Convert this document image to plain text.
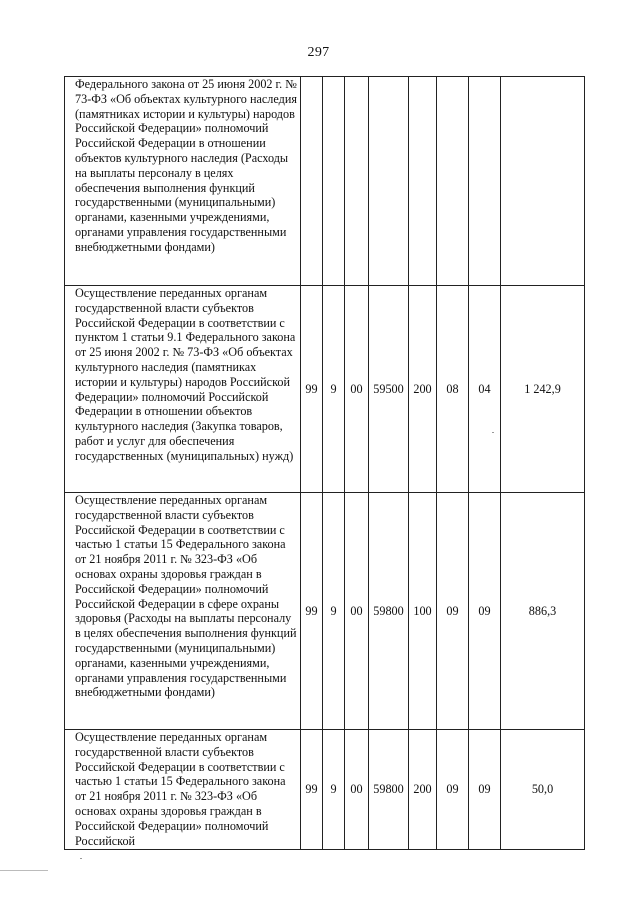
297
Федерального закона от 25 июня 2002 г. № 73-ФЗ «Об объектах культурного наследия (памятниках истории и культуры) народов Российской Федерации» полномочий Российской Федерации в отношении объектов культурного наследия (Расходы на выплаты персоналу в целях обеспечения выполнения функций государственными (муниципальными) органами, казенными учреждениями, органами управления государственными внебюджетными фондами)								
Осуществление переданных органам государственной власти субъектов Российской Федерации в соответствии с пунктом 1 статьи 9.1 Федерального закона от 25 июня 2002 г. № 73-ФЗ «Об объектах культурного наследия (памятниках истории и культуры) народов Российской Федерации» полномочий Российской Федерации в отношении объектов культурного наследия (Закупка товаров, работ и услуг для обеспечения государственных (муниципальных) нужд)	99	9	00	59500	200	08	04	1 242,9
Осуществление переданных органам государственной власти субъектов Российской Федерации в соответствии с частью 1 статьи 15 Федерального закона от 21 ноября 2011 г. № 323-ФЗ «Об основах охраны здоровья граждан в Российской Федерации» полномочий Российской Федерации в сфере охраны здоровья (Расходы на выплаты персоналу в целях обеспечения выполнения функций государственными (муниципальными) органами, казенными учреждениями, органами управления государственными внебюджетными фондами)	99	9	00	59800	100	09	09	886,3
Осуществление переданных органам государственной власти субъектов Российской Федерации в соответствии с частью 1 статьи 15 Федерального закона от 21 ноября 2011 г. № 323-ФЗ «Об основах охраны здоровья граждан в Российской Федерации» полномочий Российской	99	9	00	59800	200	09	09	50,0
